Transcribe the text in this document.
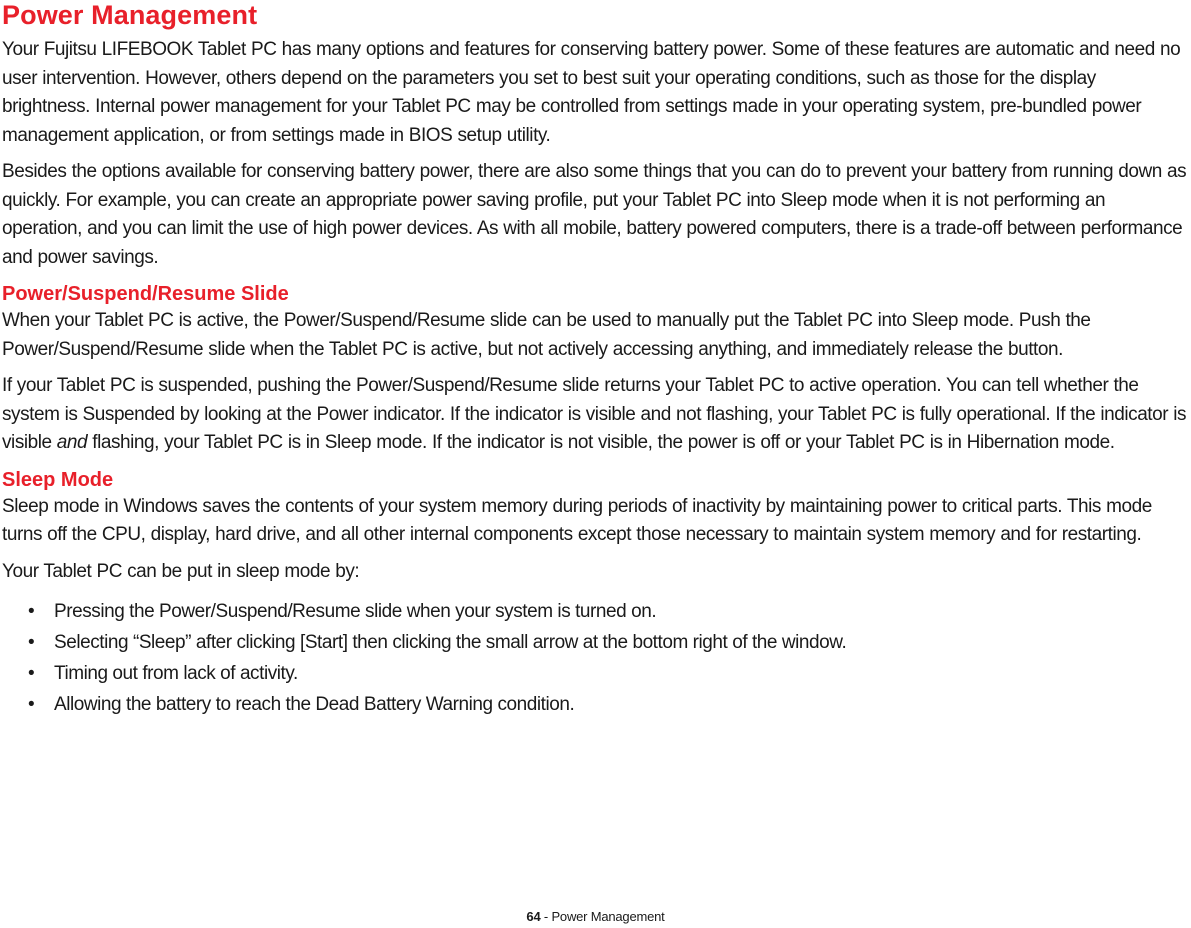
Power Management

Your Fujitsu LIFEBOOK Tablet PC has many options and features for conserving battery power. Some of these features are automatic and need no user intervention. However, others depend on the parameters you set to best suit your operating conditions, such as those for the display brightness. Internal power management for your Tablet PC may be controlled from settings made in your operating system, pre-bundled power management application, or from settings made in BIOS setup utility.

Besides the options available for conserving battery power, there are also some things that you can do to prevent your battery from running down as quickly. For example, you can create an appropriate power saving profile, put your Tablet PC into Sleep mode when it is not performing an operation, and you can limit the use of high power devices. As with all mobile, battery powered computers, there is a trade-off between performance and power savings.

Power/Suspend/Resume Slide

When your Tablet PC is active, the Power/Suspend/Resume slide can be used to manually put the Tablet PC into Sleep mode. Push the Power/Suspend/Resume slide when the Tablet PC is active, but not actively accessing anything, and immediately release the button.

If your Tablet PC is suspended, pushing the Power/Suspend/Resume slide returns your Tablet PC to active operation. You can tell whether the system is Suspended by looking at the Power indicator. If the indicator is visible and not flashing, your Tablet PC is fully operational. If the indicator is visible and flashing, your Tablet PC is in Sleep mode. If the indicator is not visible, the power is off or your Tablet PC is in Hibernation mode.

Sleep Mode

Sleep mode in Windows saves the contents of your system memory during periods of inactivity by maintaining power to critical parts. This mode turns off the CPU, display, hard drive, and all other internal components except those necessary to maintain system memory and for restarting.

Your Tablet PC can be put in sleep mode by:

• Pressing the Power/Suspend/Resume slide when your system is turned on.
• Selecting “Sleep” after clicking [Start] then clicking the small arrow at the bottom right of the window.
• Timing out from lack of activity.
• Allowing the battery to reach the Dead Battery Warning condition.
64 - Power Management
